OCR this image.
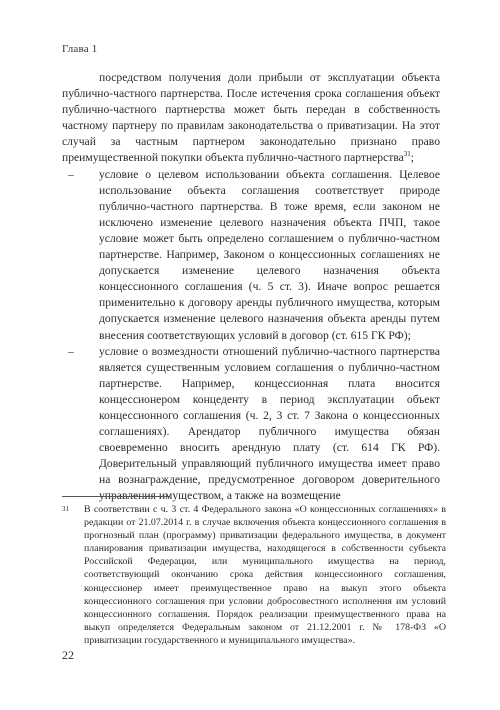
Глава 1

посредством получения доли прибыли от эксплуатации объекта публично-частного партнерства. После истечения срока соглашения объект публично-частного партнерства может быть передан в собственность частному партнеру по правилам законодательства о приватизации. На этот случай за частным партнером законодательно признано право преимущественной покупки объекта публично-частного партнерства$^{31}$;

– условие о целевом использовании объекта соглашения. Целевое использование объекта соглашения соответствует природе публично-частного партнерства. В тоже время, если законом не исключено изменение целевого назначения объекта ПЧП, такое условие может быть определено соглашением о публично-частном партнерстве. Например, Законом о концессионных соглашениях не допускается изменение целевого назначения объекта концессионного соглашения (ч. 5 ст. 3). Иначе вопрос решается применительно к договору аренды публичного имущества, которым допускается изменение целевого назначения объекта аренды путем внесения соответствующих условий в договор (ст. 615 ГК РФ);

– условие о возмездности отношений публично-частного партнерства является существенным условием соглашения о публично-частном партнерстве. Например, концессионная плата вносится концессионером концеденту в период эксплуатации объект концессионного соглашения (ч. 2, 3 ст. 7 Закона о концессионных соглашениях). Арендатор публичного имущества обязан своевременно вносить арендную плату (ст. 614 ГК РФ). Доверительный управляющий публичного имущества имеет право на вознаграждение, предусмотренное договором доверительного управления имуществом, а также на возмещение

31	В соответствии с ч. 3 ст. 4 Федерального закона «О концессионных соглашениях» в редакции от 21.07.2014 г. в случае включения объекта концессионного соглашения в прогнозный план (программу) приватизации федерального имущества, в документ планирования приватизации имущества, находящегося в собственности субъекта Российской Федерации, или муниципального имущества на период, соответствующий окончанию срока действия концессионного соглашения, концессионер имеет преимущественное право на выкуп этого объекта концессионного соглашения при условии добросовестного исполнения им условий концессионного соглашения. Порядок реализации преимущественного права на выкуп определяется Федеральным законом от 21.12.2001 г. № 178-ФЗ «О приватизации государственного и муниципального имущества».
22
